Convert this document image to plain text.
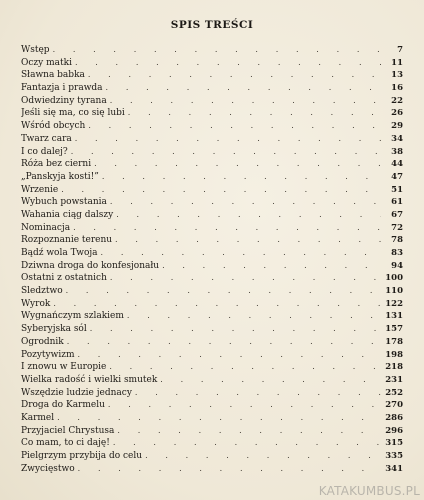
SPIS TREŚCI
Wstęp . . .	7
Oczy matki . . .	11
Sławna babka . . .	13
Fantazja i prawda . . .	16
Odwiedziny tyrana . . .	22
Jeśli się ma, co się lubi . . .	26
Wśród obcych . . .	29
Twarz cara . . .	34
I co dalej? . . .	38
Róża bez cierni . . .	44
„Panskyja kosti!” . . .	47
Wrzenie . . .	51
Wybuch powstania . . .	61
Wahania ciąg dalszy . . .	67
Nominacja . . .	72
Rozpoznanie terenu . . .	78
Bądź wola Twoja . . .	83
Dziwna droga do konfesjonału . . .	94
Ostatni z ostatnich . . .	100
Śledztwo . . .	110
Wyrok . . .	122
Wygnańczym szlakiem . . .	131
Syberyjska sól . . .	157
Ogrodnik . . .	178
Pozytywizm . . .	198
I znowu w Europie . . .	218
Wielka radość i wielki smutek . . .	231
Wszędzie ludzie jednacy . . .	252
Droga do Karmelu . . .	270
Karmel . . .	286
Przyjaciel Chrystusa . . .	296
Co mam, to ci daję! . . .	315
Pielgrzym przybija do celu . . .	335
Zwycięstwo . . .	341
KATAKUMBUS.PL
